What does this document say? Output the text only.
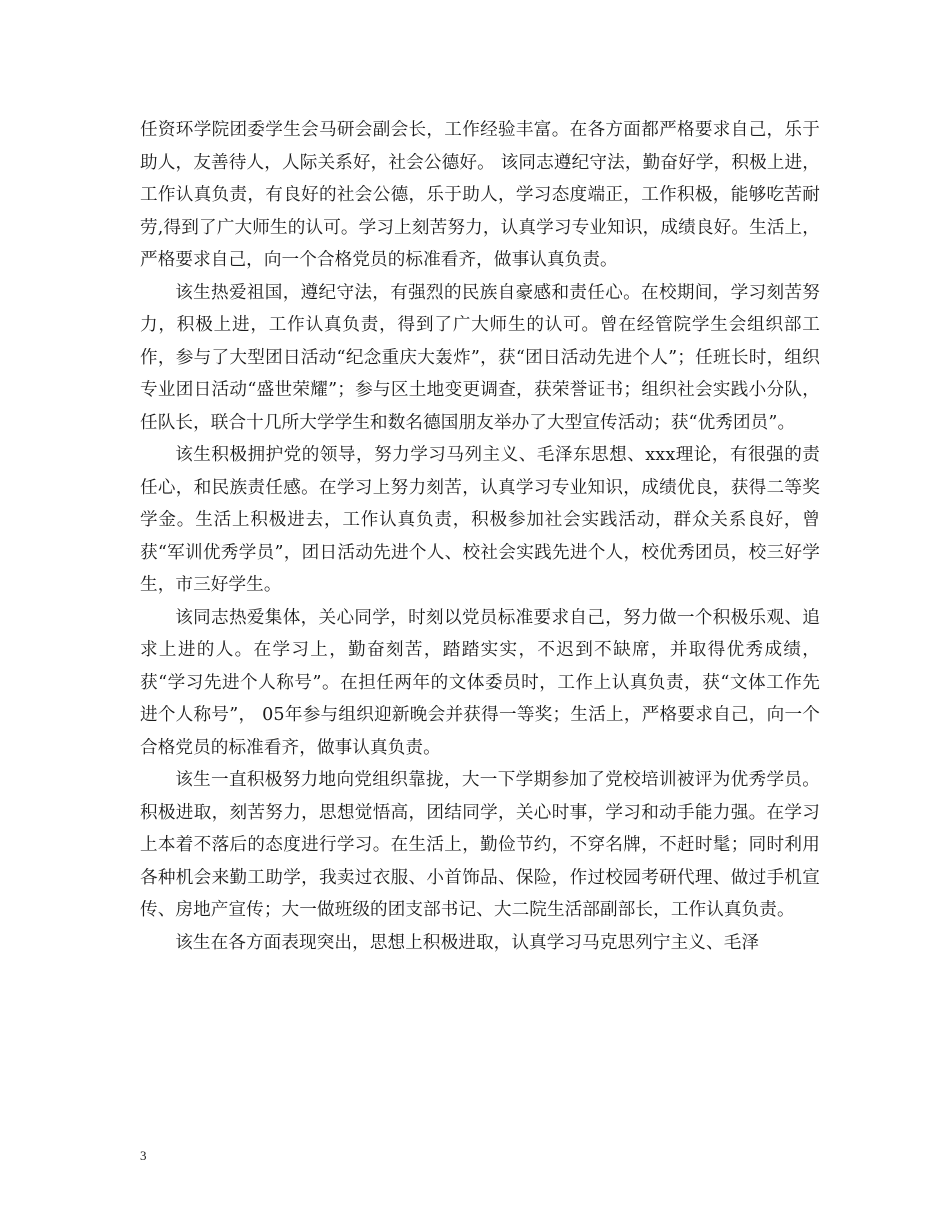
任资环学院团委学生会马研会副会长，工作经验丰富。在各方面都严格要求自己，乐于助人，友善待人，人际关系好，社会公德好。 该同志遵纪守法，勤奋好学，积极上进，工作认真负责，有良好的社会公德，乐于助人，学习态度端正，工作积极，能够吃苦耐劳,得到了广大师生的认可。学习上刻苦努力，认真学习专业知识，成绩良好。生活上，严格要求自己，向一个合格党员的标准看齐，做事认真负责。

该生热爱祖国，遵纪守法，有强烈的民族自豪感和责任心。在校期间，学习刻苦努力，积极上进，工作认真负责，得到了广大师生的认可。曾在经管院学生会组织部工作，参与了大型团日活动“纪念重庆大轰炸”，获“团日活动先进个人”；任班长时，组织专业团日活动“盛世荣耀”；参与区土地变更调查，获荣誉证书；组织社会实践小分队，任队长，联合十几所大学学生和数名德国朋友举办了大型宣传活动；获“优秀团员”。

该生积极拥护党的领导，努力学习马列主义、毛泽东思想、xxx理论，有很强的责任心，和民族责任感。在学习上努力刻苦，认真学习专业知识，成绩优良，获得二等奖学金。生活上积极进去，工作认真负责，积极参加社会实践活动，群众关系良好，曾获“军训优秀学员”，团日活动先进个人、校社会实践先进个人，校优秀团员，校三好学生，市三好学生。

该同志热爱集体，关心同学，时刻以党员标准要求自己，努力做一个积极乐观、追求上进的人。在学习上，勤奋刻苦，踏踏实实，不迟到不缺席，并取得优秀成绩，获“学习先进个人称号”。在担任两年的文体委员时，工作上认真负责，获“文体工作先进个人称号”， 05年参与组织迎新晚会并获得一等奖；生活上，严格要求自己，向一个合格党员的标准看齐，做事认真负责。

该生一直积极努力地向党组织靠拢，大一下学期参加了党校培训被评为优秀学员。积极进取，刻苦努力，思想觉悟高，团结同学，关心时事，学习和动手能力强。在学习上本着不落后的态度进行学习。在生活上，勤俭节约，不穿名牌，不赶时髦；同时利用各种机会来勤工助学，我卖过衣服、小首饰品、保险，作过校园考研代理、做过手机宣传、房地产宣传；大一做班级的团支部书记、大二院生活部副部长，工作认真负责。

该生在各方面表现突出，思想上积极进取，认真学习马克思列宁主义、毛泽

3
